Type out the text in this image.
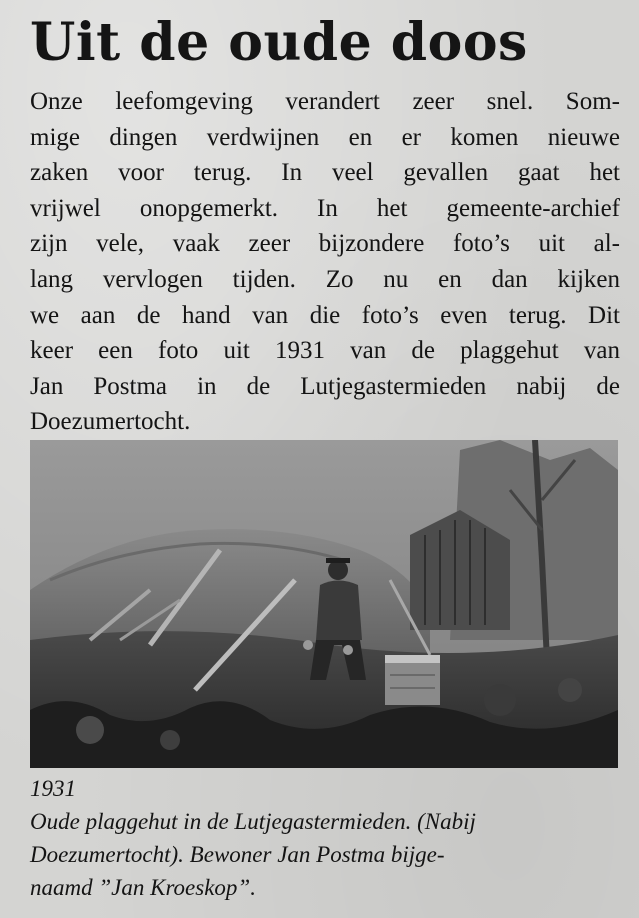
Uit de oude doos
Onze leefomgeving verandert zeer snel. Som-
mige dingen verdwijnen en er komen nieuwe
zaken voor terug. In veel gevallen gaat het
vrijwel onopgemerkt. In het gemeente-archief
zijn vele, vaak zeer bijzondere foto’s uit al-
lang vervlogen tijden. Zo nu en dan kijken
we aan de hand van die foto’s even terug. Dit
keer een foto uit 1931 van de plaggehut van
Jan Postma in de Lutjegastermieden nabij de
Doezumertocht.
1931
Oude plaggehut in de Lutjegastermieden. (Nabij
Doezumertocht). Bewoner Jan Postma bijge-
naamd ”Jan Kroeskop”.
